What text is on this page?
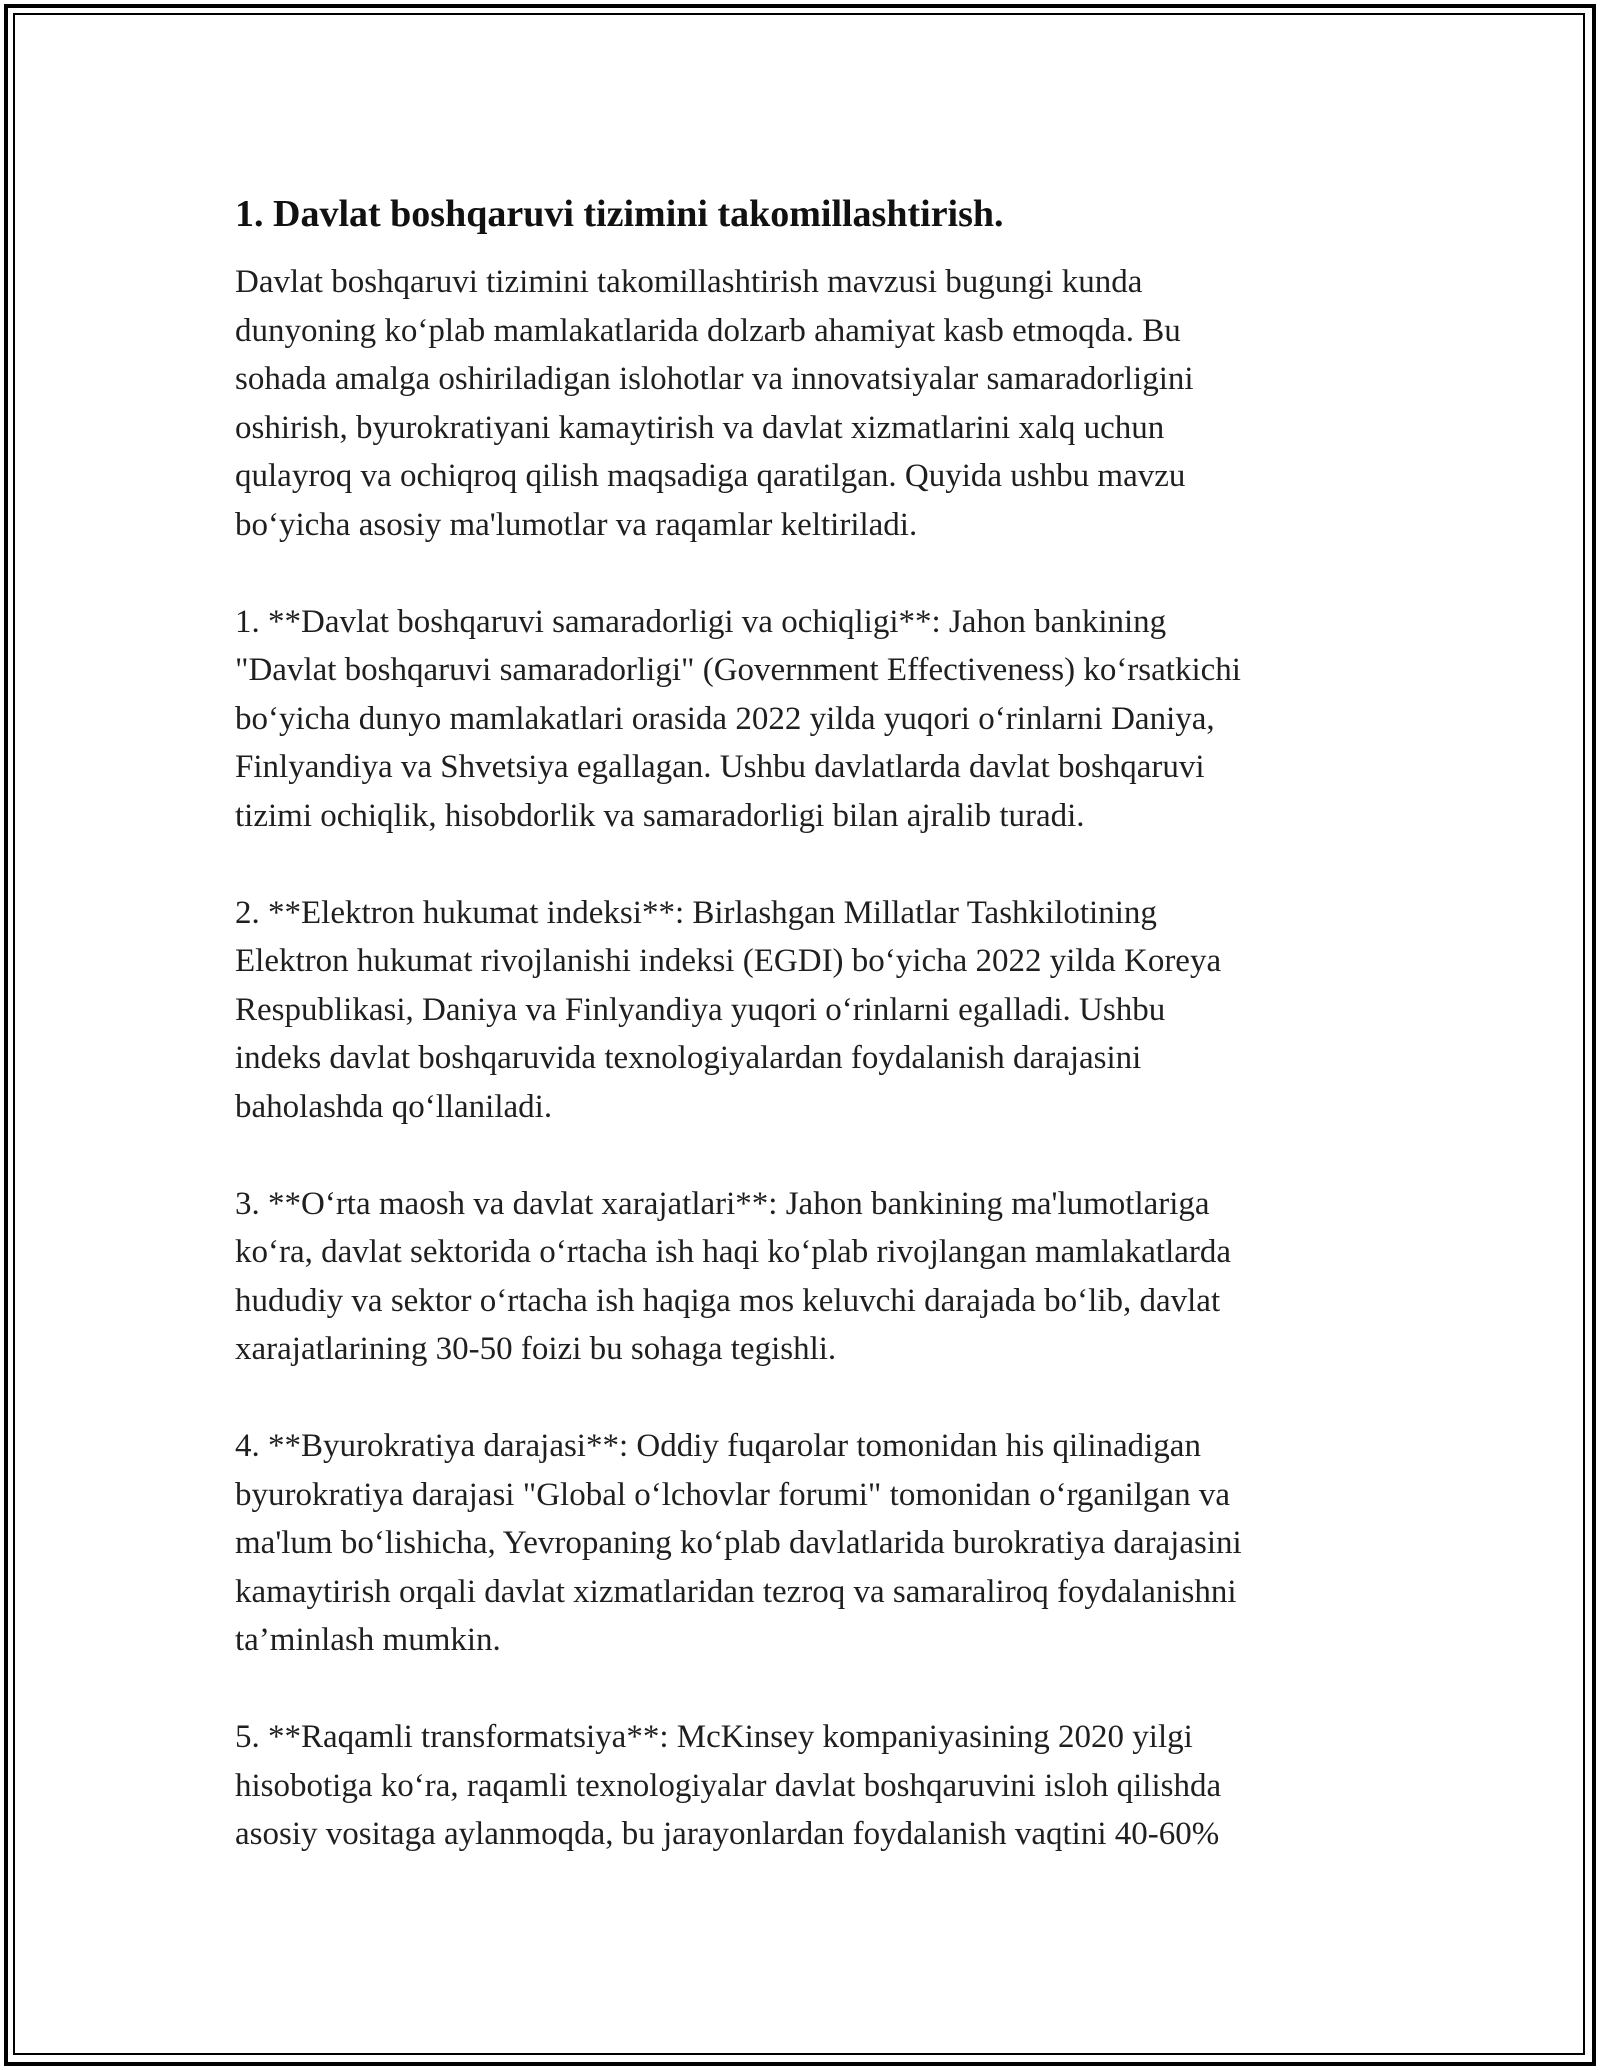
1. Davlat boshqaruvi tizimini takomillashtirish.

Davlat boshqaruvi tizimini takomillashtirish mavzusi bugungi kunda
dunyoning ko‘plab mamlakatlarida dolzarb ahamiyat kasb etmoqda. Bu
sohada amalga oshiriladigan islohotlar va innovatsiyalar samaradorligini
oshirish, byurokratiyani kamaytirish va davlat xizmatlarini xalq uchun
qulayroq va ochiqroq qilish maqsadiga qaratilgan. Quyida ushbu mavzu
bo‘yicha asosiy ma'lumotlar va raqamlar keltiriladi.

1. **Davlat boshqaruvi samaradorligi va ochiqligi**: Jahon bankining
"Davlat boshqaruvi samaradorligi" (Government Effectiveness) ko‘rsatkichi
bo‘yicha dunyo mamlakatlari orasida 2022 yilda yuqori o‘rinlarni Daniya,
Finlyandiya va Shvetsiya egallagan. Ushbu davlatlarda davlat boshqaruvi
tizimi ochiqlik, hisobdorlik va samaradorligi bilan ajralib turadi.

2. **Elektron hukumat indeksi**: Birlashgan Millatlar Tashkilotining
Elektron hukumat rivojlanishi indeksi (EGDI) bo‘yicha 2022 yilda Koreya
Respublikasi, Daniya va Finlyandiya yuqori o‘rinlarni egalladi. Ushbu
indeks davlat boshqaruvida texnologiyalardan foydalanish darajasini
baholashda qo‘llaniladi.

3. **O‘rta maosh va davlat xarajatlari**: Jahon bankining ma'lumotlariga
ko‘ra, davlat sektorida o‘rtacha ish haqi ko‘plab rivojlangan mamlakatlarda
hududiy va sektor o‘rtacha ish haqiga mos keluvchi darajada bo‘lib, davlat
xarajatlarining 30-50 foizi bu sohaga tegishli.

4. **Byurokratiya darajasi**: Oddiy fuqarolar tomonidan his qilinadigan
byurokratiya darajasi "Global o‘lchovlar forumi" tomonidan o‘rganilgan va
ma'lum bo‘lishicha, Yevropaning ko‘plab davlatlarida burokratiya darajasini
kamaytirish orqali davlat xizmatlaridan tezroq va samaraliroq foydalanishni
ta’minlash mumkin.

5. **Raqamli transformatsiya**: McKinsey kompaniyasining 2020 yilgi
hisobotiga ko‘ra, raqamli texnologiyalar davlat boshqaruvini isloh qilishda
asosiy vositaga aylanmoqda, bu jarayonlardan foydalanish vaqtini 40-60%
